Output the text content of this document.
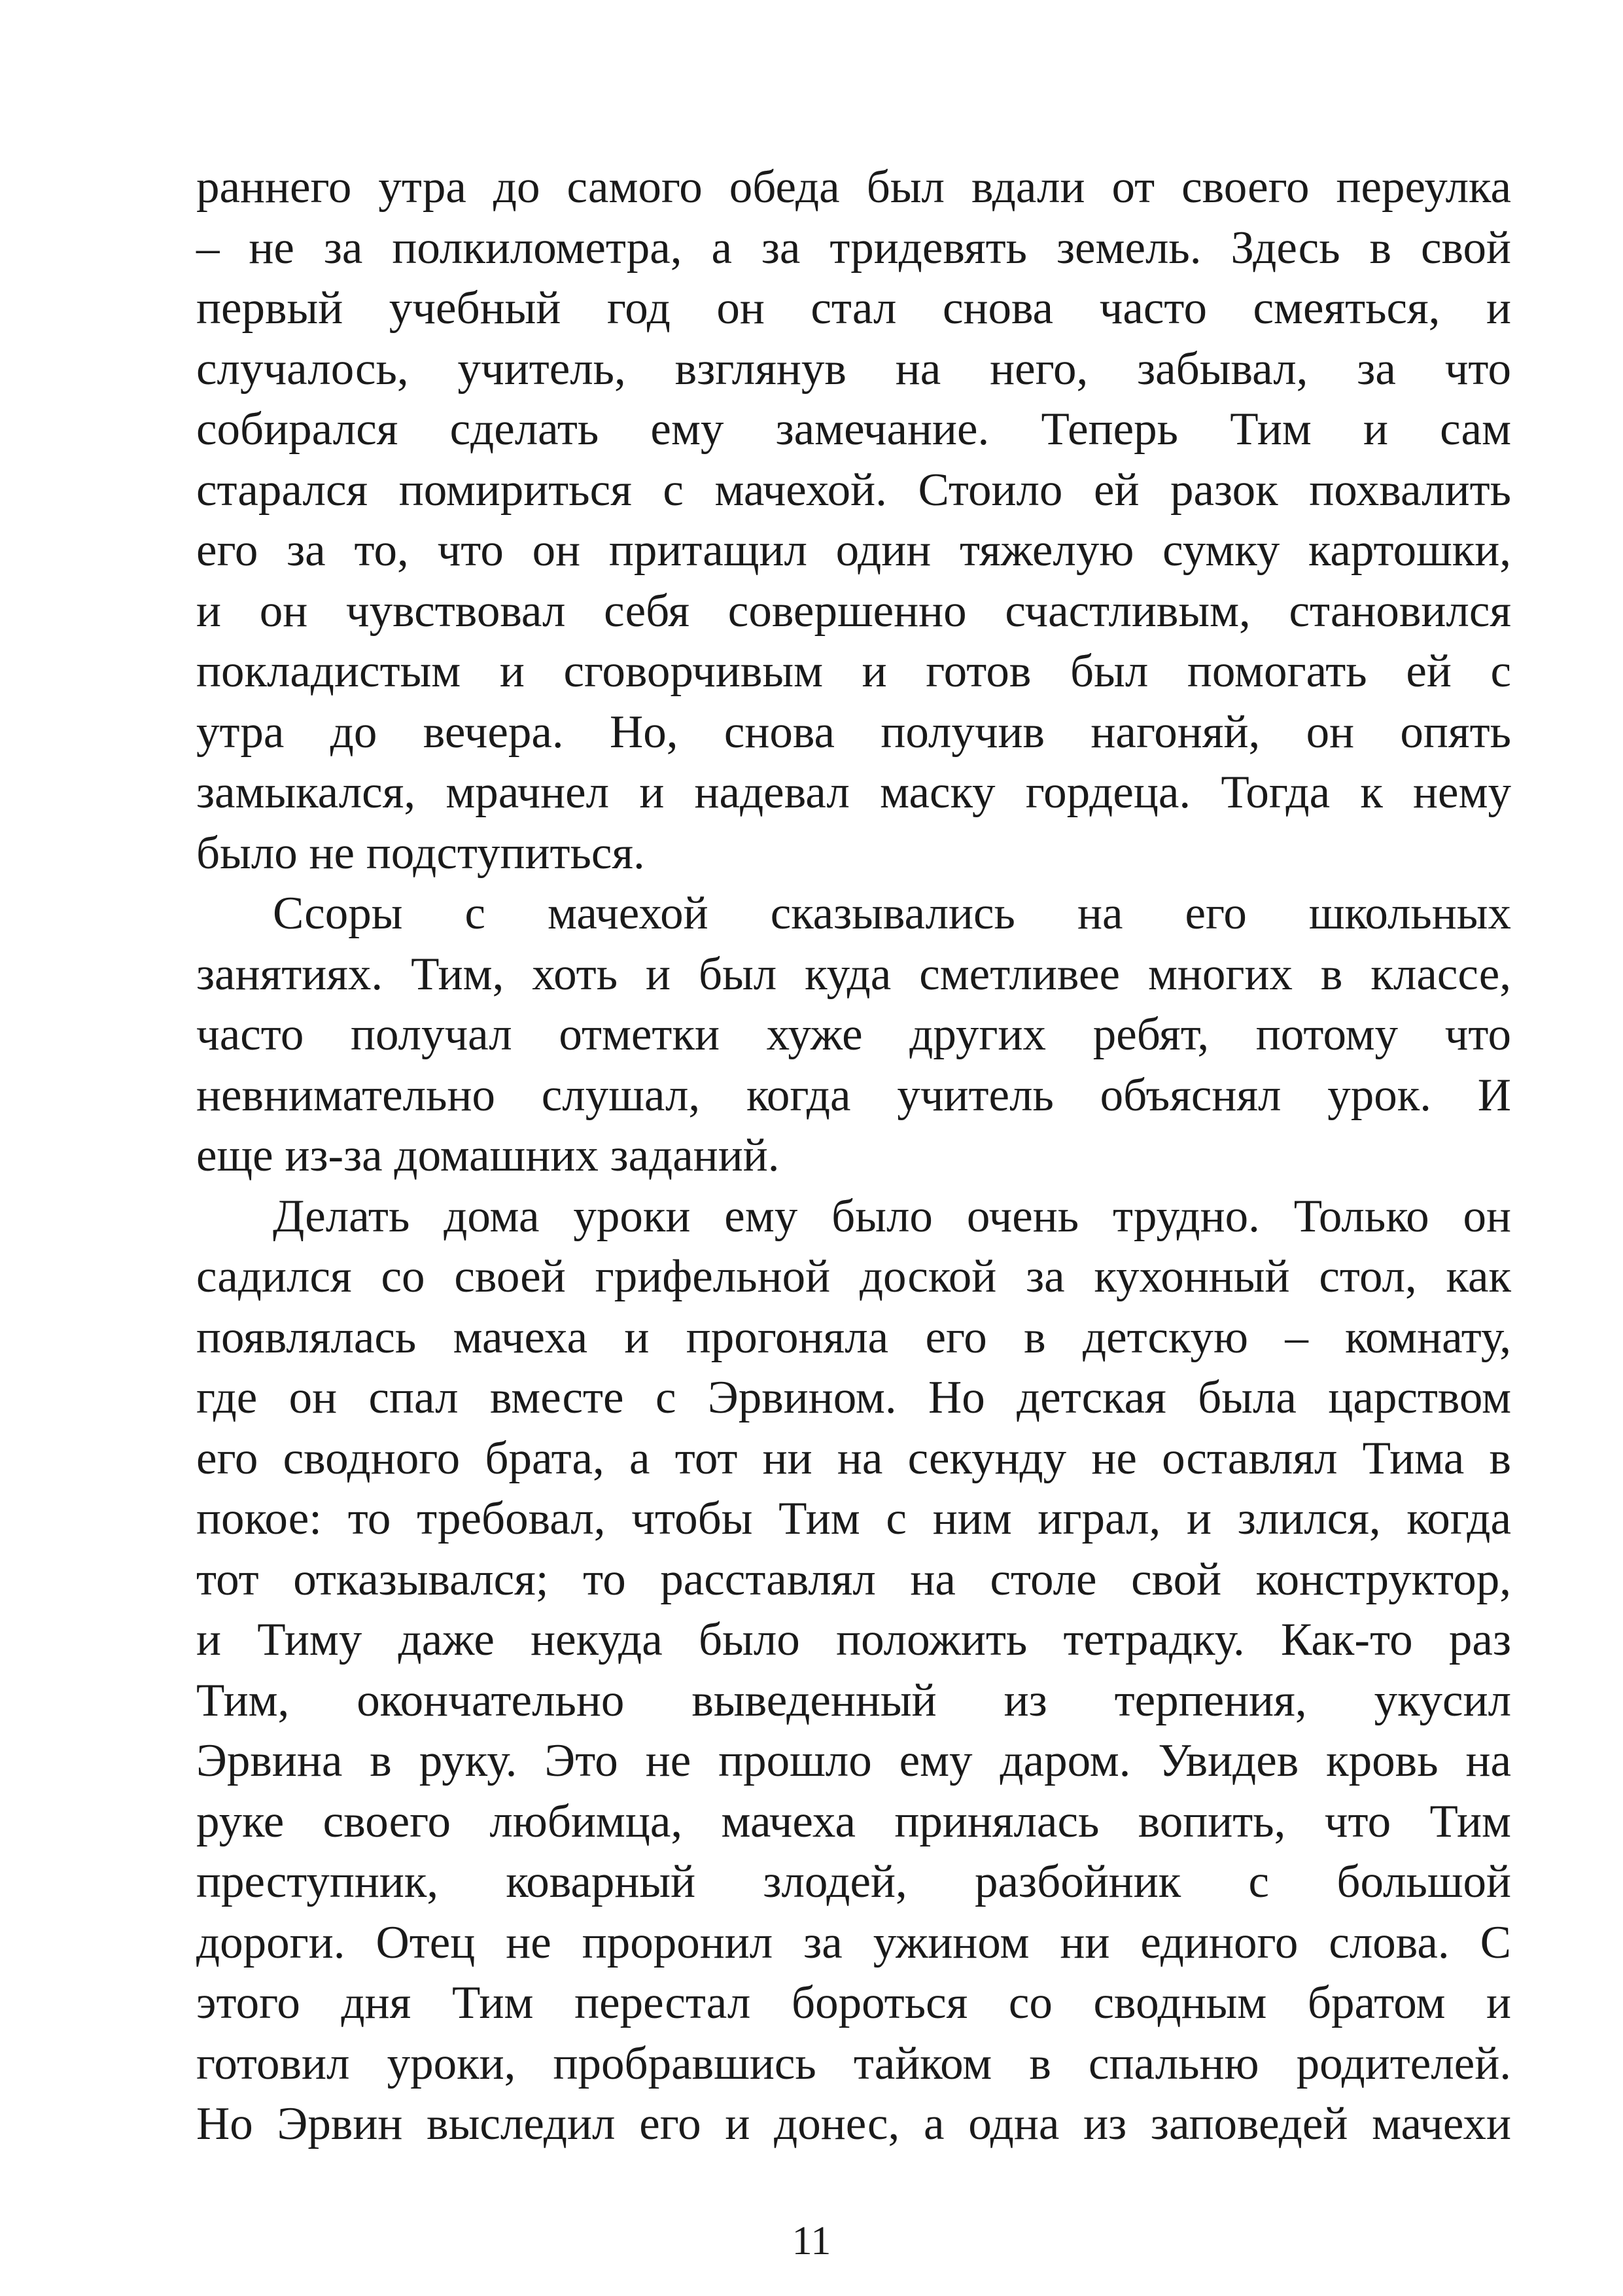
раннего утра до самого обеда был вдали от своего переулка
– не за полкилометра, а за тридевять земель. Здесь в свой
первый учебный год он стал снова часто смеяться, и
случалось, учитель, взглянув на него, забывал, за что
собирался сделать ему замечание. Теперь Тим и сам
старался помириться с мачехой. Стоило ей разок похвалить
его за то, что он притащил один тяжелую сумку картошки,
и он чувствовал себя совершенно счастливым, становился
покладистым и сговорчивым и готов был помогать ей с
утра до вечера. Но, снова получив нагоняй, он опять
замыкался, мрачнел и надевал маску гордеца. Тогда к нему
было не подступиться.

Ссоры с мачехой сказывались на его школьных
занятиях. Тим, хоть и был куда сметливее многих в классе,
часто получал отметки хуже других ребят, потому что
невнимательно слушал, когда учитель объяснял урок. И
еще из-за домашних заданий.

Делать дома уроки ему было очень трудно. Только он
садился со своей грифельной доской за кухонный стол, как
появлялась мачеха и прогоняла его в детскую – комнату,
где он спал вместе с Эрвином. Но детская была царством
его сводного брата, а тот ни на секунду не оставлял Тима в
покое: то требовал, чтобы Тим с ним играл, и злился, когда
тот отказывался; то расставлял на столе свой конструктор,
и Тиму даже некуда было положить тетрадку. Как-то раз
Тим, окончательно выведенный из терпения, укусил
Эрвина в руку. Это не прошло ему даром. Увидев кровь на
руке своего любимца, мачеха принялась вопить, что Тим
преступник, коварный злодей, разбойник с большой
дороги. Отец не проронил за ужином ни единого слова. С
этого дня Тим перестал бороться со сводным братом и
готовил уроки, пробравшись тайком в спальню родителей.
Но Эрвин выследил его и донес, а одна из заповедей мачехи

11
